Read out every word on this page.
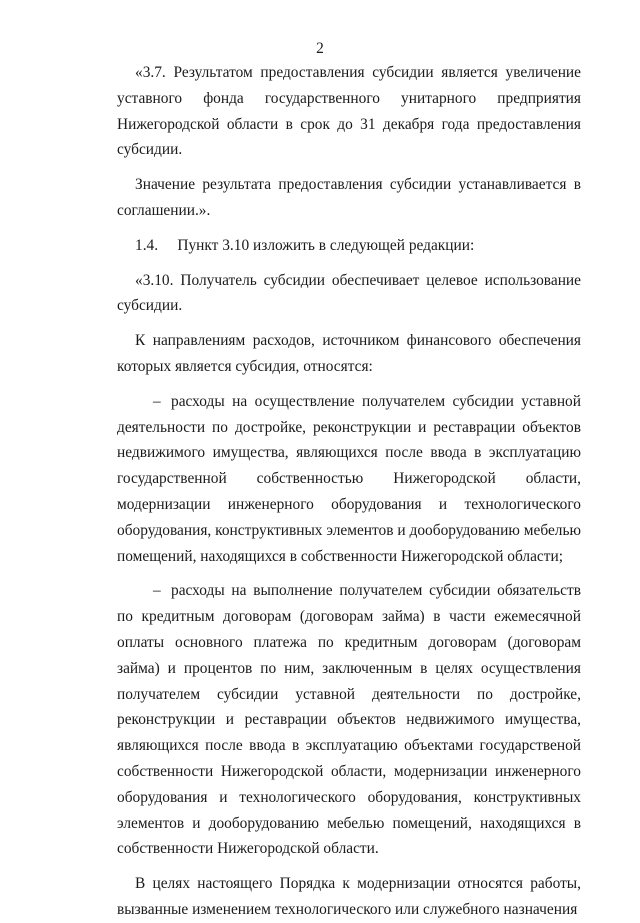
2

«3.7. Результатом предоставления субсидии является увеличение уставного фонда государственного унитарного предприятия Нижегородской области в срок до 31 декабря года предоставления субсидии.

Значение результата предоставления субсидии устанавливается в соглашении.».

1.4.  Пункт 3.10 изложить в следующей редакции:

«3.10. Получатель субсидии обеспечивает целевое использование субсидии.

К направлениям расходов, источником финансового обеспечения которых является субсидия, относятся:

– расходы на осуществление получателем субсидии уставной деятельности по достройке, реконструкции и реставрации объектов недвижимого имущества, являющихся после ввода в эксплуатацию государственной собственностью Нижегородской области, модернизации инженерного оборудования и технологического оборудования, конструктивных элементов и дооборудованию мебелью помещений, находящихся в собственности Нижегородской области;

– расходы на выполнение получателем субсидии обязательств по кредитным договорам (договорам займа) в части ежемесячной оплаты основного платежа по кредитным договорам (договорам займа) и процентов по ним, заключенным в целях осуществления получателем субсидии уставной деятельности по достройке, реконструкции и реставрации объектов недвижимого имущества, являющихся после ввода в эксплуатацию объектами государственой собственности Нижегородской области, модернизации инженерного оборудования и технологического оборудования, конструктивных элементов и дооборудованию мебелью помещений, находящихся в собственности Нижегородской области.

В целях настоящего Порядка к модернизации относятся работы, вызванные изменением технологического или служебного назначения
